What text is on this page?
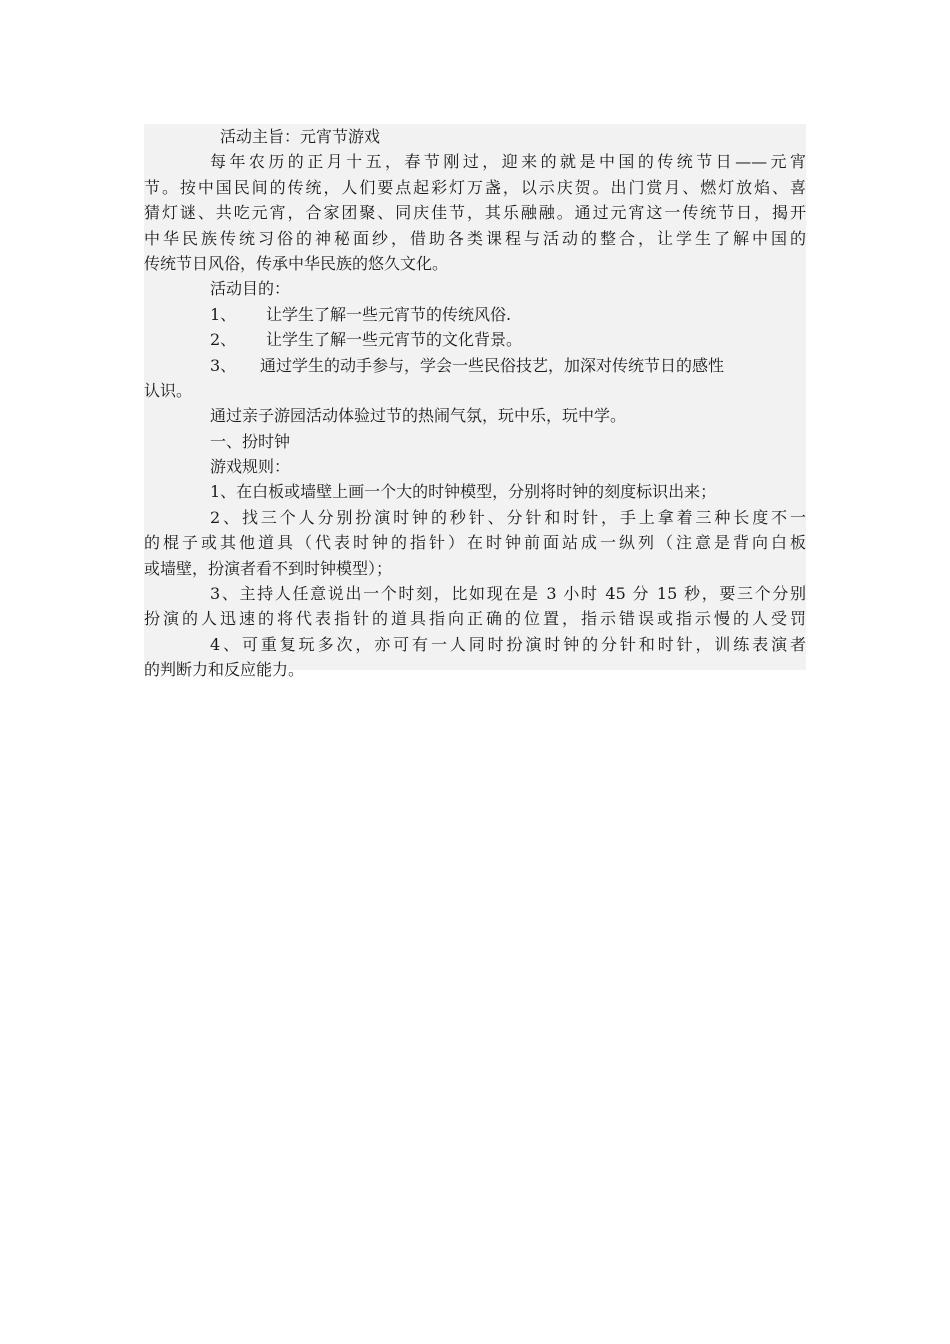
活动主旨：元宵节游戏
每年农历的正月十五，春节刚过，迎来的就是中国的传统节日——元宵
节。按中国民间的传统，人们要点起彩灯万盏，以示庆贺。出门赏月、燃灯放焰、喜
猜灯谜、共吃元宵，合家团聚、同庆佳节，其乐融融。通过元宵这一传统节日，揭开
中华民族传统习俗的神秘面纱，借助各类课程与活动的整合，让学生了解中国的
传统节日风俗，传承中华民族的悠久文化。
活动目的：
1、 让学生了解一些元宵节的传统风俗.
2、 让学生了解一些元宵节的文化背景。
3、 通过学生的动手参与，学会一些民俗技艺，加深对传统节日的感性
认识。
通过亲子游园活动体验过节的热闹气氛，玩中乐，玩中学。
一、扮时钟
游戏规则：
1、在白板或墙壁上画一个大的时钟模型，分别将时钟的刻度标识出来；
2、找三个人分别扮演时钟的秒针、分针和时针，手上拿着三种长度不一
的棍子或其他道具（代表时钟的指针）在时钟前面站成一纵列（注意是背向白板
或墙壁，扮演者看不到时钟模型）；
3、主持人任意说出一个时刻，比如现在是 3 小时 45 分 15 秒，要三个分别
扮演的人迅速的将代表指针的道具指向正确的位置，指示错误或指示慢的人受罚
4、可重复玩多次，亦可有一人同时扮演时钟的分针和时针，训练表演者
的判断力和反应能力。
